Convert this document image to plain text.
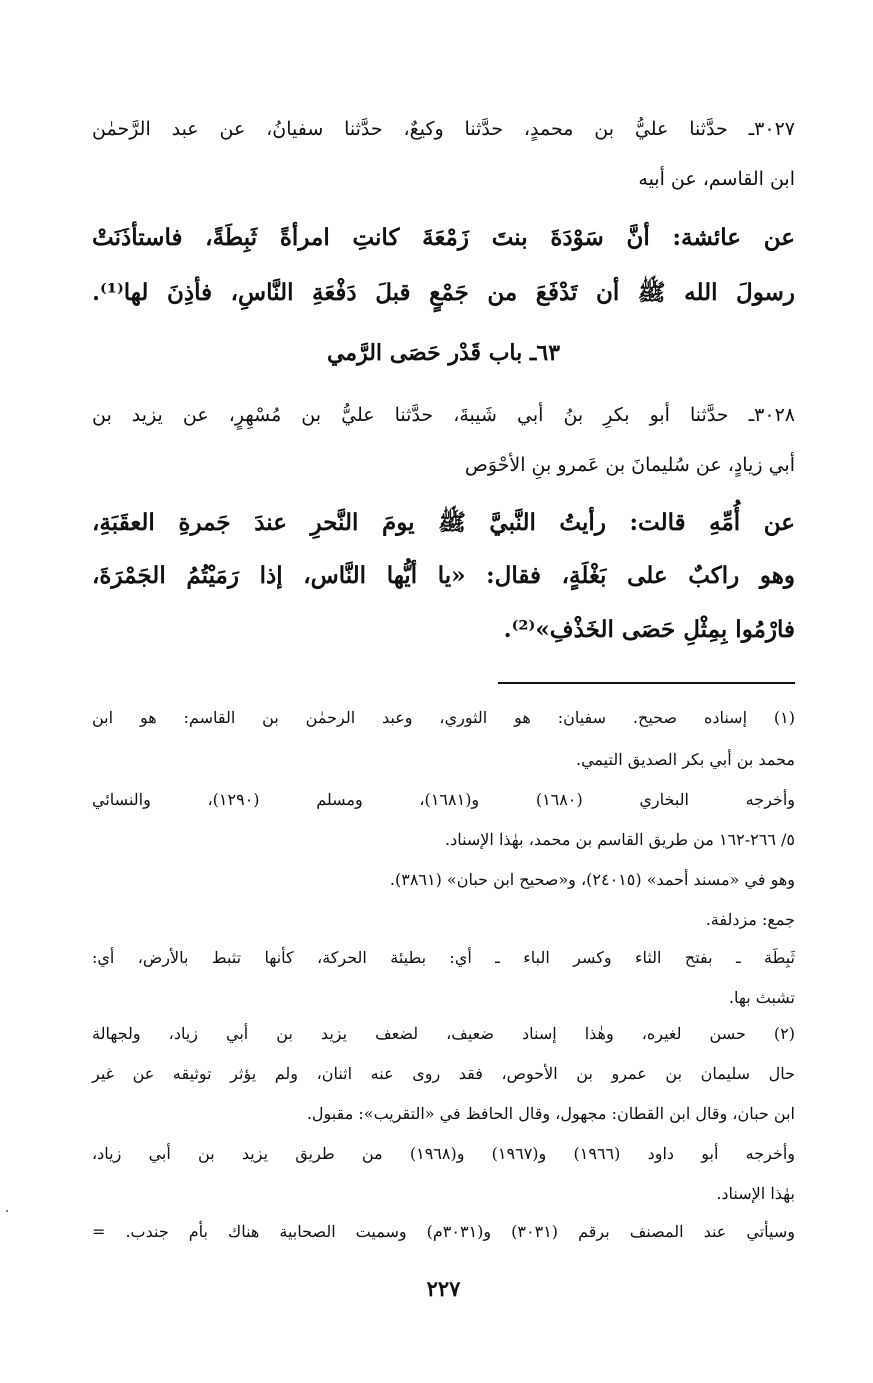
٣٠٢٧ـ حدَّثنا عليُّ بن محمدٍ، حدَّثنا وكيعٌ، حدَّثنا سفيانُ، عن عبد الرَّحمٰن
ابن القاسم، عن أبيه
عن عائشة: أنَّ سَوْدَةَ بنتَ زَمْعَةَ كانتِ امرأةً ثَبِطَةً، فاستأذَنَتْ
رسولَ الله ﷺ أن تَدْفَعَ من جَمْعٍ قبلَ دَفْعَةِ النَّاسِ، فأذِنَ لها⁽¹⁾.
٦٣ـ باب قَدْر حَصَى الرَّمي
٣٠٢٨ـ حدَّثنا أبو بكرِ بنُ أبي شَيبةَ، حدَّثنا عليُّ بن مُسْهِرٍ، عن يزيد بن
أبي زيادٍ، عن سُليمانَ بن عَمرو بنِ الأحْوَص
عن أُمِّهِ قالت: رأيتُ النَّبيَّ ﷺ يومَ النَّحرِ عندَ جَمرةِ العقَبَةِ،
وهو راكبٌ على بَغْلَةٍ، فقال: «يا أيُّها النَّاس، إذا رَمَيْتُمُ الجَمْرَةَ،
فارْمُوا بِمِثْلِ حَصَى الخَذْفِ»⁽²⁾.
(١) إسناده صحيح. سفيان: هو الثوري، وعبد الرحمٰن بن القاسم: هو ابن
محمد بن أبي بكر الصديق التيمي.
وأخرجه البخاري (١٦٨٠) و(١٦٨١)، ومسلم (١٢٩٠)، والنسائي
٥/ ٢٦٦-١٦٢ من طريق القاسم بن محمد، بهٰذا الإسناد.
وهو في «مسند أحمد» (٢٤٠١٥)، و«صحيح ابن حبان» (٣٨٦١).
جمع: مزدلفة.
ثَبِطَة ـ بفتح الثاء وكسر الباء ـ أي: بطيئة الحركة، كأنها تثبط بالأرض، أي:
تشبث بها.
(٢) حسن لغيره، وهٰذا إسناد ضعيف، لضعف يزيد بن أبي زياد، ولجهالة
حال سليمان بن عمرو بن الأحوص، فقد روى عنه اثنان، ولم يؤثر توثيقه عن غير
ابن حبان، وقال ابن القطان: مجهول، وقال الحافظ في «التقريب»: مقبول.
وأخرجه أبو داود (١٩٦٦) و(١٩٦٧) و(١٩٦٨) من طريق يزيد بن أبي زياد،
بهٰذا الإسناد.
وسيأتي عند المصنف برقم (٣٠٣١) و(٣٠٣١م) وسميت الصحابية هناك بأم جندب. =
٢٢٧
